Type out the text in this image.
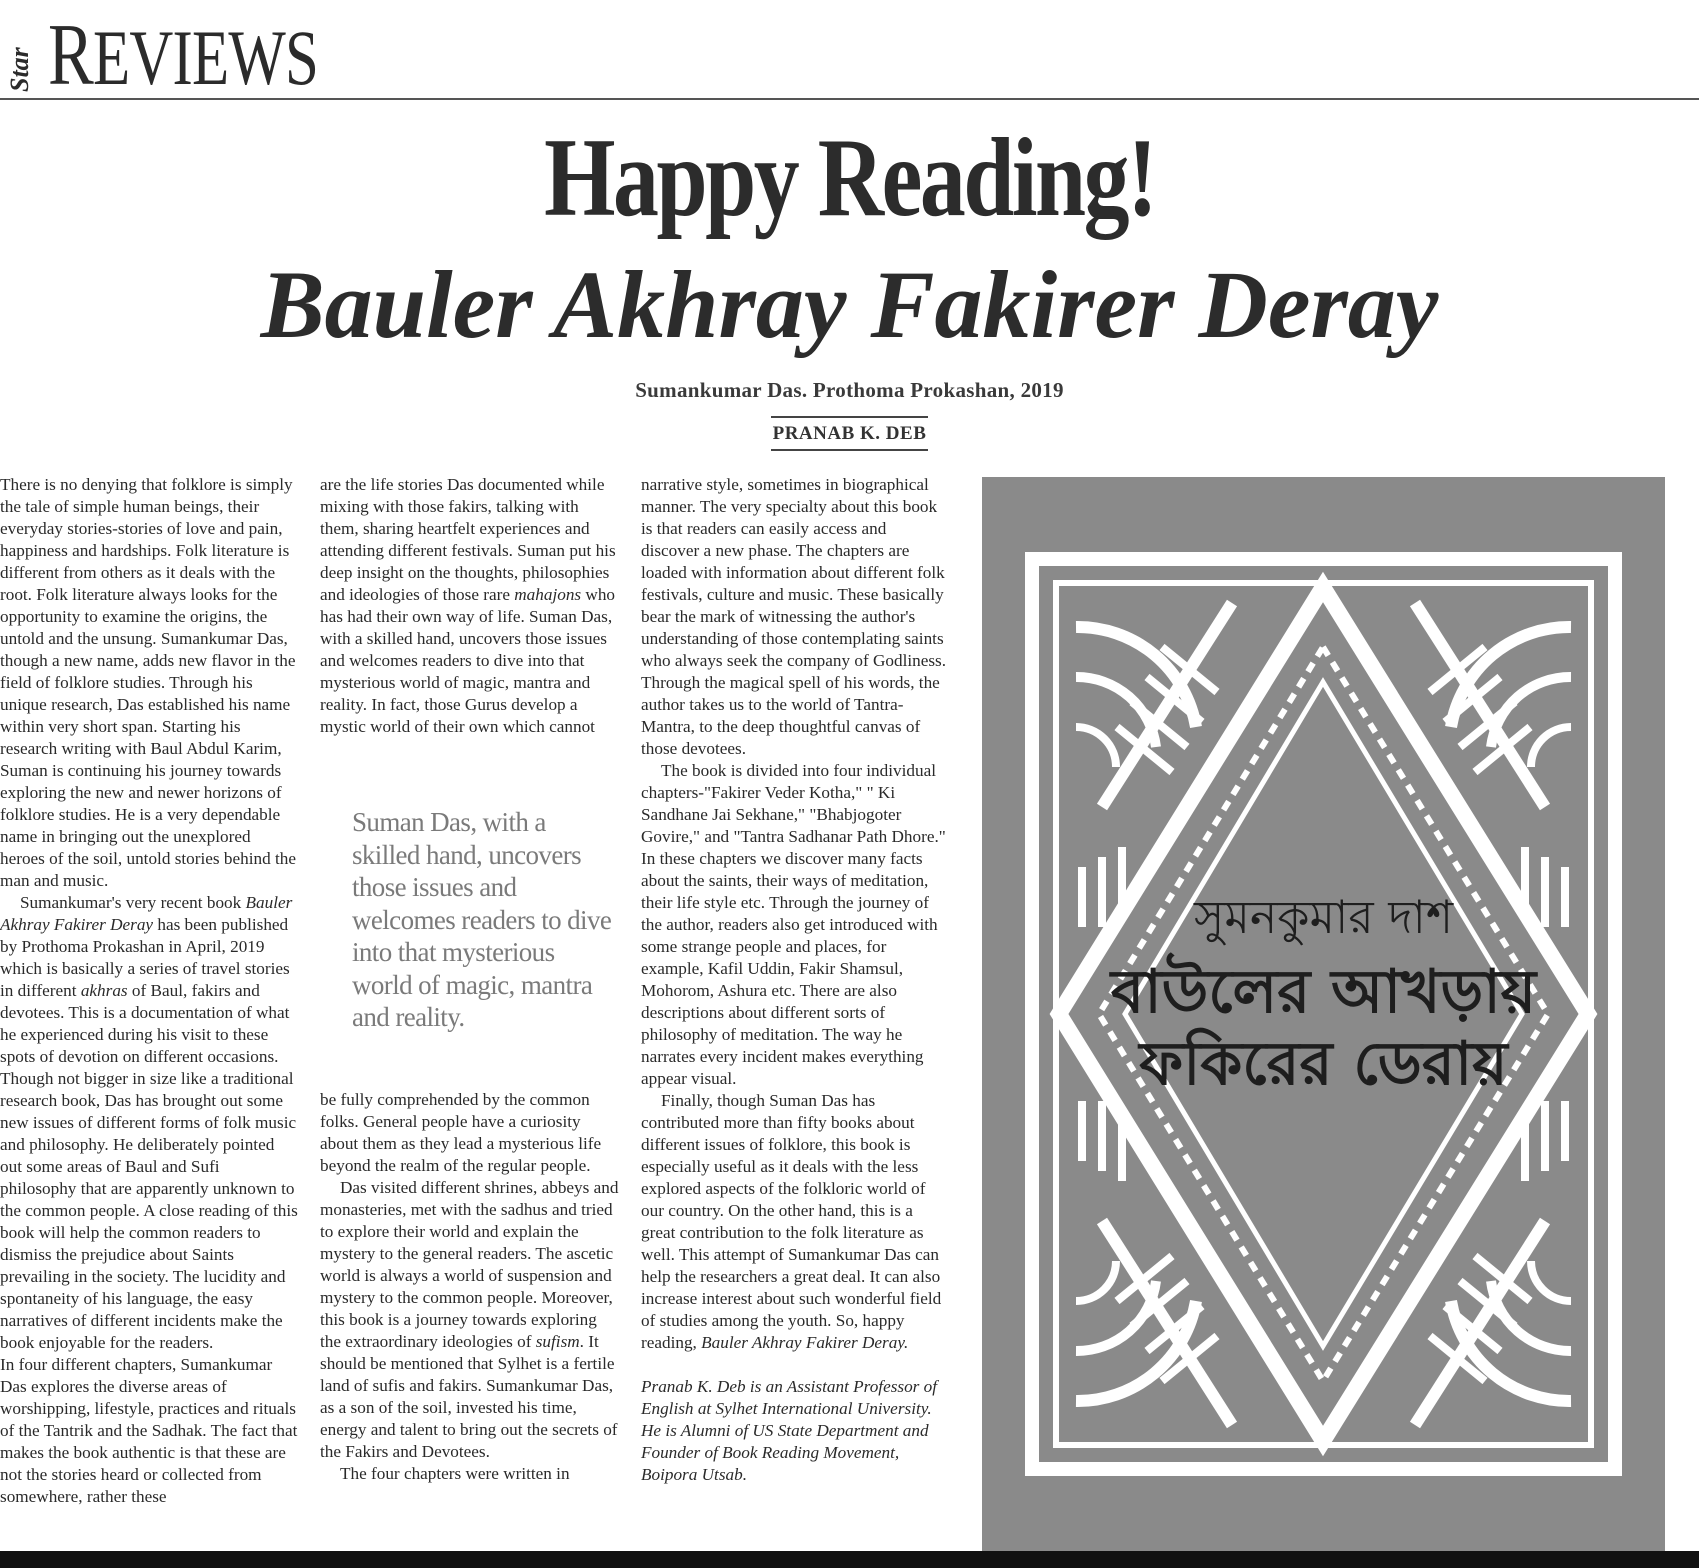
Star REVIEWS
Happy Reading!
Bauler Akhray Fakirer Deray
Sumankumar Das. Prothoma Prokashan, 2019
PRANAB K. DEB

There is no denying that folklore is simply the tale of simple human beings, their everyday stories-stories of love and pain, happiness and hardships. Folk literature is different from others as it deals with the root. Folk literature always looks for the opportunity to examine the origins, the untold and the unsung. Sumankumar Das, though a new name, adds new flavor in the field of folklore studies. Through his unique research, Das established his name within very short span. Starting his research writing with Baul Abdul Karim, Suman is continuing his journey towards exploring the new and newer horizons of folklore studies. He is a very dependable name in bringing out the unexplored heroes of the soil, untold stories behind the man and music.

Sumankumar's very recent book Bauler Akhray Fakirer Deray has been published by Prothoma Prokashan in April, 2019 which is basically a series of travel stories in different akhras of Baul, fakirs and devotees. This is a documentation of what he experienced during his visit to these spots of devotion on different occasions. Though not bigger in size like a traditional research book, Das has brought out some new issues of different forms of folk music and philosophy. He deliberately pointed out some areas of Baul and Sufi philosophy that are apparently unknown to the common people. A close reading of this book will help the common readers to dismiss the prejudice about Saints prevailing in the society. The lucidity and spontaneity of his language, the easy narratives of different incidents make the book enjoyable for the readers.

In four different chapters, Sumankumar Das explores the diverse areas of worshipping, lifestyle, practices and rituals of the Tantrik and the Sadhak. The fact that makes the book authentic is that these are not the stories heard or collected from somewhere, rather these

are the life stories Das documented while mixing with those fakirs, talking with them, sharing heartfelt experiences and attending different festivals. Suman put his deep insight on the thoughts, philosophies and ideologies of those rare mahajons who has had their own way of life. Suman Das, with a skilled hand, uncovers those issues and welcomes readers to dive into that mysterious world of magic, mantra and reality. In fact, those Gurus develop a mystic world of their own which cannot

Suman Das, with a skilled hand, uncovers those issues and welcomes readers to dive into that mysterious world of magic, mantra and reality.

be fully comprehended by the common folks. General people have a curiosity about them as they lead a mysterious life beyond the realm of the regular people.

Das visited different shrines, abbeys and monasteries, met with the sadhus and tried to explore their world and explain the mystery to the general readers. The ascetic world is always a world of suspension and mystery to the common people. Moreover, this book is a journey towards exploring the extraordinary ideologies of sufism. It should be mentioned that Sylhet is a fertile land of sufis and fakirs. Sumankumar Das, as a son of the soil, invested his time, energy and talent to bring out the secrets of the Fakirs and Devotees.

The four chapters were written in

narrative style, sometimes in biographical manner. The very specialty about this book is that readers can easily access and discover a new phase. The chapters are loaded with information about different folk festivals, culture and music. These basically bear the mark of witnessing the author's understanding of those contemplating saints who always seek the company of Godliness. Through the magical spell of his words, the author takes us to the world of Tantra-Mantra, to the deep thoughtful canvas of those devotees.

The book is divided into four individual chapters-"Fakirer Veder Kotha," " Ki Sandhane Jai Sekhane," "Bhabjogoter Govire," and "Tantra Sadhanar Path Dhore." In these chapters we discover many facts about the saints, their ways of meditation, their life style etc. Through the journey of the author, readers also get introduced with some strange people and places, for example, Kafil Uddin, Fakir Shamsul, Mohorom, Ashura etc. There are also descriptions about different sorts of philosophy of meditation. The way he narrates every incident makes everything appear visual.

Finally, though Suman Das has contributed more than fifty books about different issues of folklore, this book is especially useful as it deals with the less explored aspects of the folkloric world of our country. On the other hand, this is a great contribution to the folk literature as well. This attempt of Sumankumar Das can help the researchers a great deal. It can also increase interest about such wonderful field of studies among the youth. So, happy reading, Bauler Akhray Fakirer Deray.

Pranab K. Deb is an Assistant Professor of English at Sylhet International University. He is Alumni of US State Department and Founder of Book Reading Movement, Boipora Utsab.

সুমনকুমার দাশ
বাউলের আখড়ায়
ফকিরের ডেরায়
